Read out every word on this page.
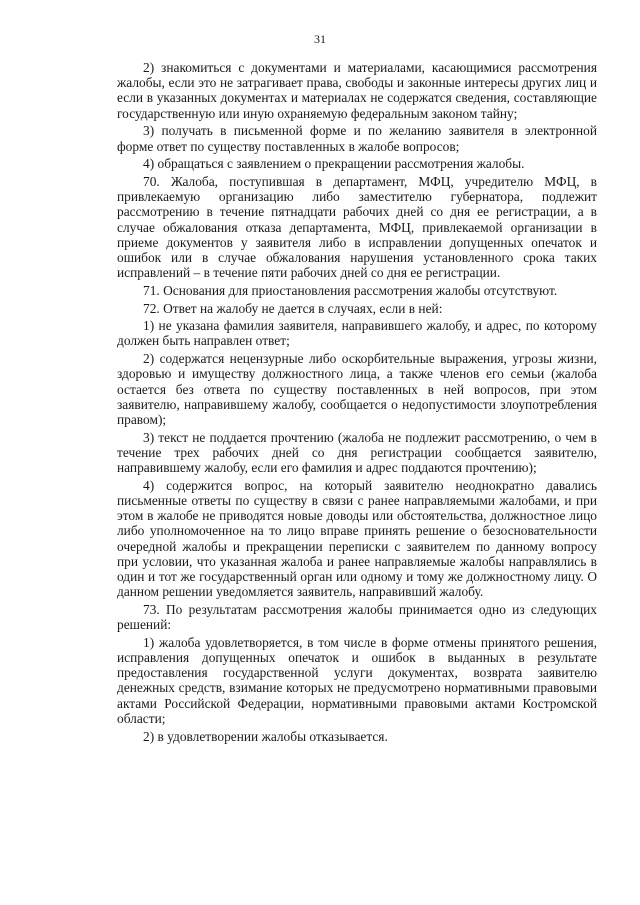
31

2) знакомиться с документами и материалами, касающимися рассмотрения жалобы, если это не затрагивает права, свободы и законные интересы других лиц и если в указанных документах и материалах не содержатся сведения, составляющие государственную или иную охраняемую федеральным законом тайну;

3) получать в письменной форме и по желанию заявителя в электронной форме ответ по существу поставленных в жалобе вопросов;

4) обращаться с заявлением о прекращении рассмотрения жалобы.

70. Жалоба, поступившая в департамент, МФЦ, учредителю МФЦ, в привлекаемую организацию либо заместителю губернатора, подлежит рассмотрению в течение пятнадцати рабочих дней со дня ее регистрации, а в случае обжалования отказа департамента, МФЦ, привлекаемой организации в приеме документов у заявителя либо в исправлении допущенных опечаток и ошибок или в случае обжалования нарушения установленного срока таких исправлений – в течение пяти рабочих дней со дня ее регистрации.

71. Основания для приостановления рассмотрения жалобы отсутствуют.

72. Ответ на жалобу не дается в случаях, если в ней:

1) не указана фамилия заявителя, направившего жалобу, и адрес, по которому должен быть направлен ответ;

2) содержатся нецензурные либо оскорбительные выражения, угрозы жизни, здоровью и имуществу должностного лица, а также членов его семьи (жалоба остается без ответа по существу поставленных в ней вопросов, при этом заявителю, направившему жалобу, сообщается о недопустимости злоупотребления правом);

3) текст не поддается прочтению (жалоба не подлежит рассмотрению, о чем в течение трех рабочих дней со дня регистрации сообщается заявителю, направившему жалобу, если его фамилия и адрес поддаются прочтению);

4) содержится вопрос, на который заявителю неоднократно давались письменные ответы по существу в связи с ранее направляемыми жалобами, и при этом в жалобе не приводятся новые доводы или обстоятельства, должностное лицо либо уполномоченное на то лицо вправе принять решение о безосновательности очередной жалобы и прекращении переписки с заявителем по данному вопросу при условии, что указанная жалоба и ранее направляемые жалобы направлялись в один и тот же государственный орган или одному и тому же должностному лицу. О данном решении уведомляется заявитель, направивший жалобу.

73. По результатам рассмотрения жалобы принимается одно из следующих решений:

1) жалоба удовлетворяется, в том числе в форме отмены принятого решения, исправления допущенных опечаток и ошибок в выданных в результате предоставления государственной услуги документах, возврата заявителю денежных средств, взимание которых не предусмотрено нормативными правовыми актами Российской Федерации, нормативными правовыми актами Костромской области;

2) в удовлетворении жалобы отказывается.
